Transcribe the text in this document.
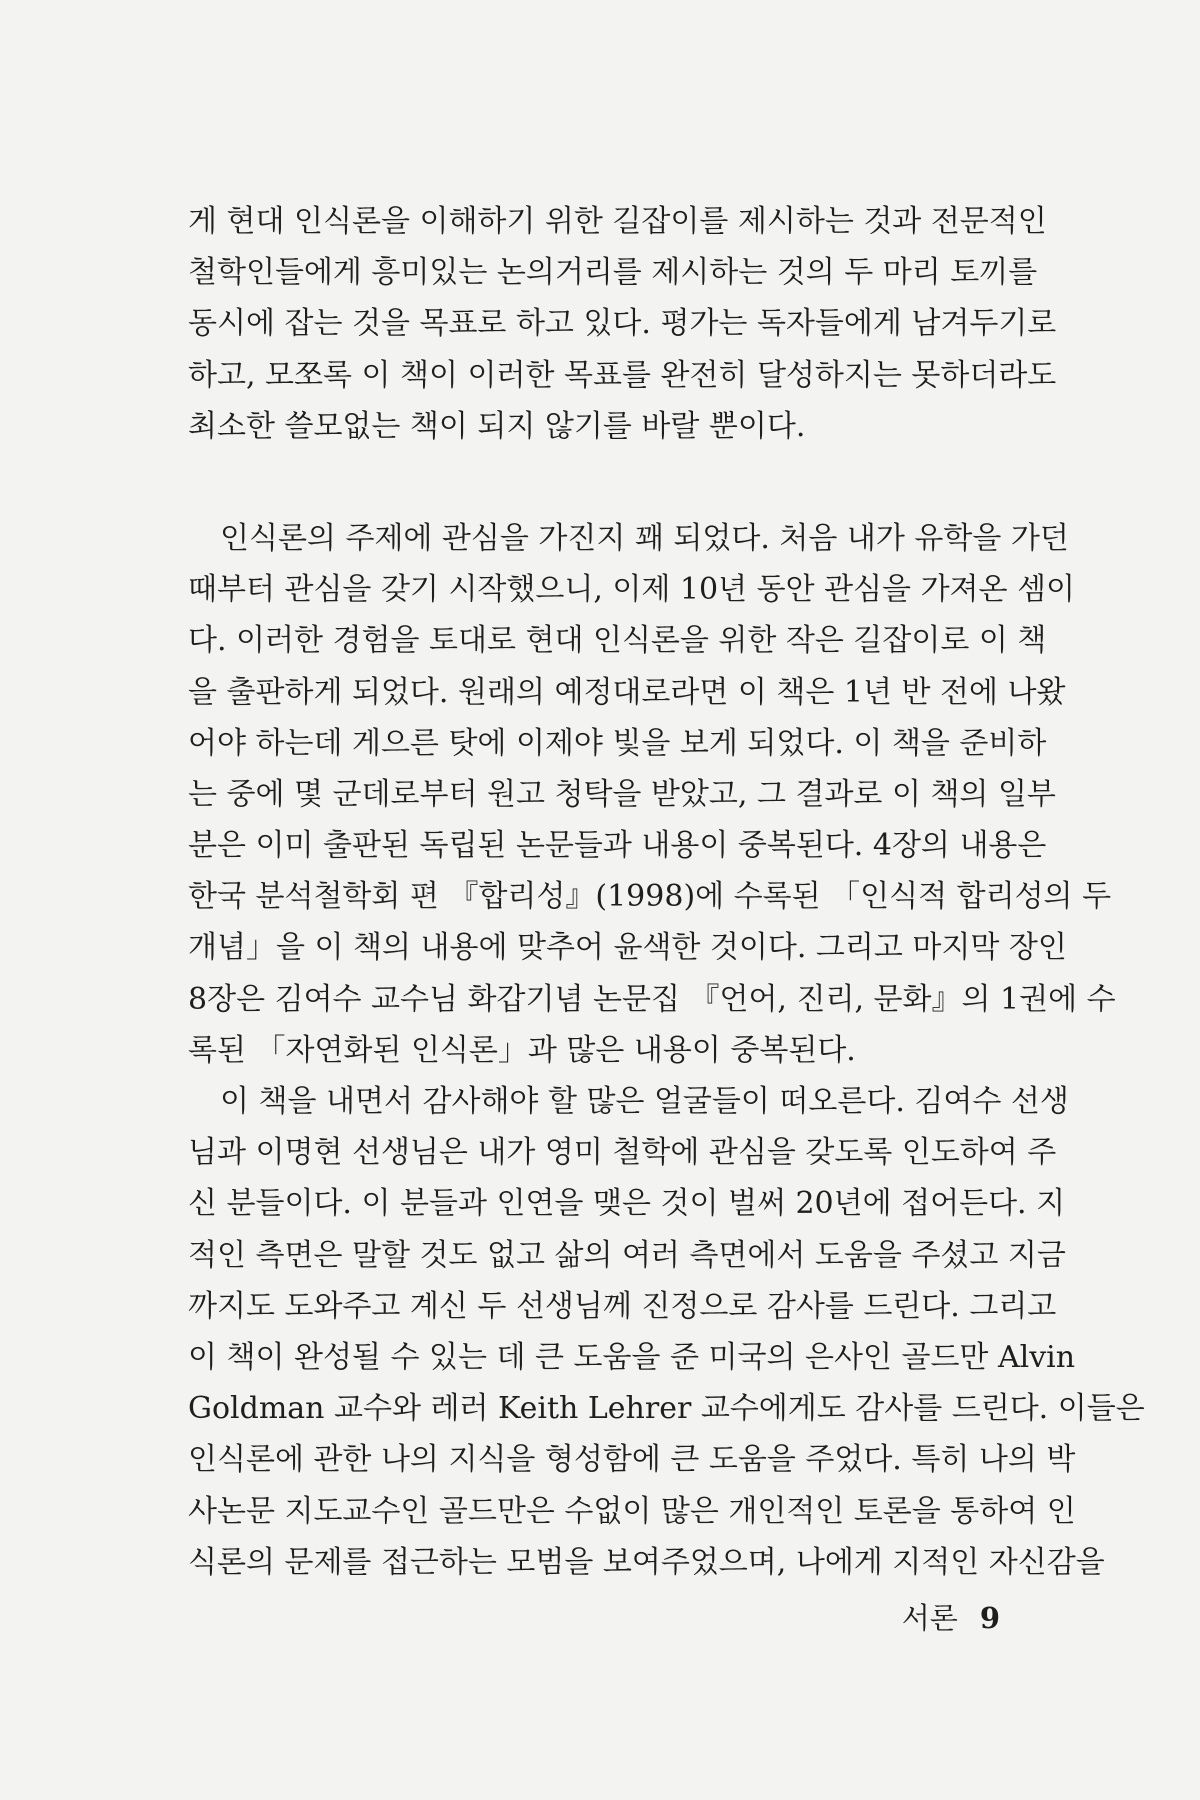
게 현대 인식론을 이해하기 위한 길잡이를 제시하는 것과 전문적인
철학인들에게 흥미있는 논의거리를 제시하는 것의 두 마리 토끼를
동시에 잡는 것을 목표로 하고 있다. 평가는 독자들에게 남겨두기로
하고, 모쪼록 이 책이 이러한 목표를 완전히 달성하지는 못하더라도
최소한 쓸모없는 책이 되지 않기를 바랄 뿐이다.
인식론의 주제에 관심을 가진지 꽤 되었다. 처음 내가 유학을 가던
때부터 관심을 갖기 시작했으니, 이제 10년 동안 관심을 가져온 셈이
다. 이러한 경험을 토대로 현대 인식론을 위한 작은 길잡이로 이 책
을 출판하게 되었다. 원래의 예정대로라면 이 책은 1년 반 전에 나왔
어야 하는데 게으른 탓에 이제야 빛을 보게 되었다. 이 책을 준비하
는 중에 몇 군데로부터 원고 청탁을 받았고, 그 결과로 이 책의 일부
분은 이미 출판된 독립된 논문들과 내용이 중복된다. 4장의 내용은
한국 분석철학회 편 『합리성』(1998)에 수록된 「인식적 합리성의 두
개념」을 이 책의 내용에 맞추어 윤색한 것이다. 그리고 마지막 장인
8장은 김여수 교수님 화갑기념 논문집 『언어, 진리, 문화』의 1권에 수
록된 「자연화된 인식론」과 많은 내용이 중복된다.
이 책을 내면서 감사해야 할 많은 얼굴들이 떠오른다. 김여수 선생
님과 이명현 선생님은 내가 영미 철학에 관심을 갖도록 인도하여 주
신 분들이다. 이 분들과 인연을 맺은 것이 벌써 20년에 접어든다. 지
적인 측면은 말할 것도 없고 삶의 여러 측면에서 도움을 주셨고 지금
까지도 도와주고 계신 두 선생님께 진정으로 감사를 드린다. 그리고
이 책이 완성될 수 있는 데 큰 도움을 준 미국의 은사인 골드만 Alvin
Goldman 교수와 레러 Keith Lehrer 교수에게도 감사를 드린다. 이들은
인식론에 관한 나의 지식을 형성함에 큰 도움을 주었다. 특히 나의 박
사논문 지도교수인 골드만은 수없이 많은 개인적인 토론을 통하여 인
식론의 문제를 접근하는 모범을 보여주었으며, 나에게 지적인 자신감을
서론 9
